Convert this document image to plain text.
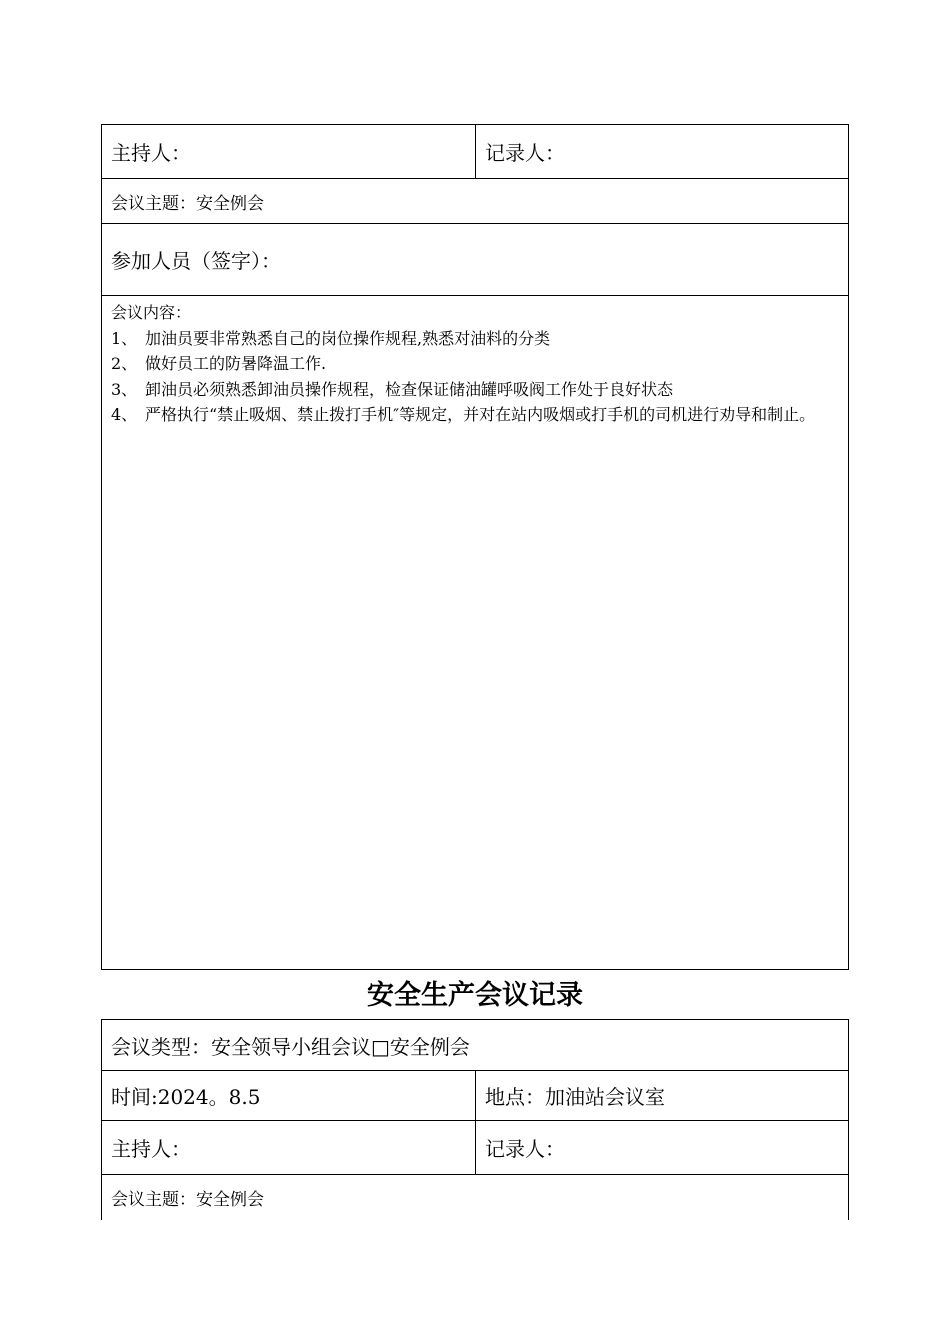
主持人：	记录人：
会议主题：安全例会
参加人员（签字）：
会议内容：
1、 加油员要非常熟悉自己的岗位操作规程,熟悉对油料的分类
2、 做好员工的防暑降温工作.
3、 卸油员必须熟悉卸油员操作规程，检查保证储油罐呼吸阀工作处于良好状态
4、 严格执行“禁止吸烟、禁止拨打手机″等规定，并对在站内吸烟或打手机的司机进行劝导和制止。
安全生产会议记录
会议类型：安全领导小组会议□安全例会
时间:2024。8.5	地点：加油站会议室
主持人：	记录人：
会议主题：安全例会
